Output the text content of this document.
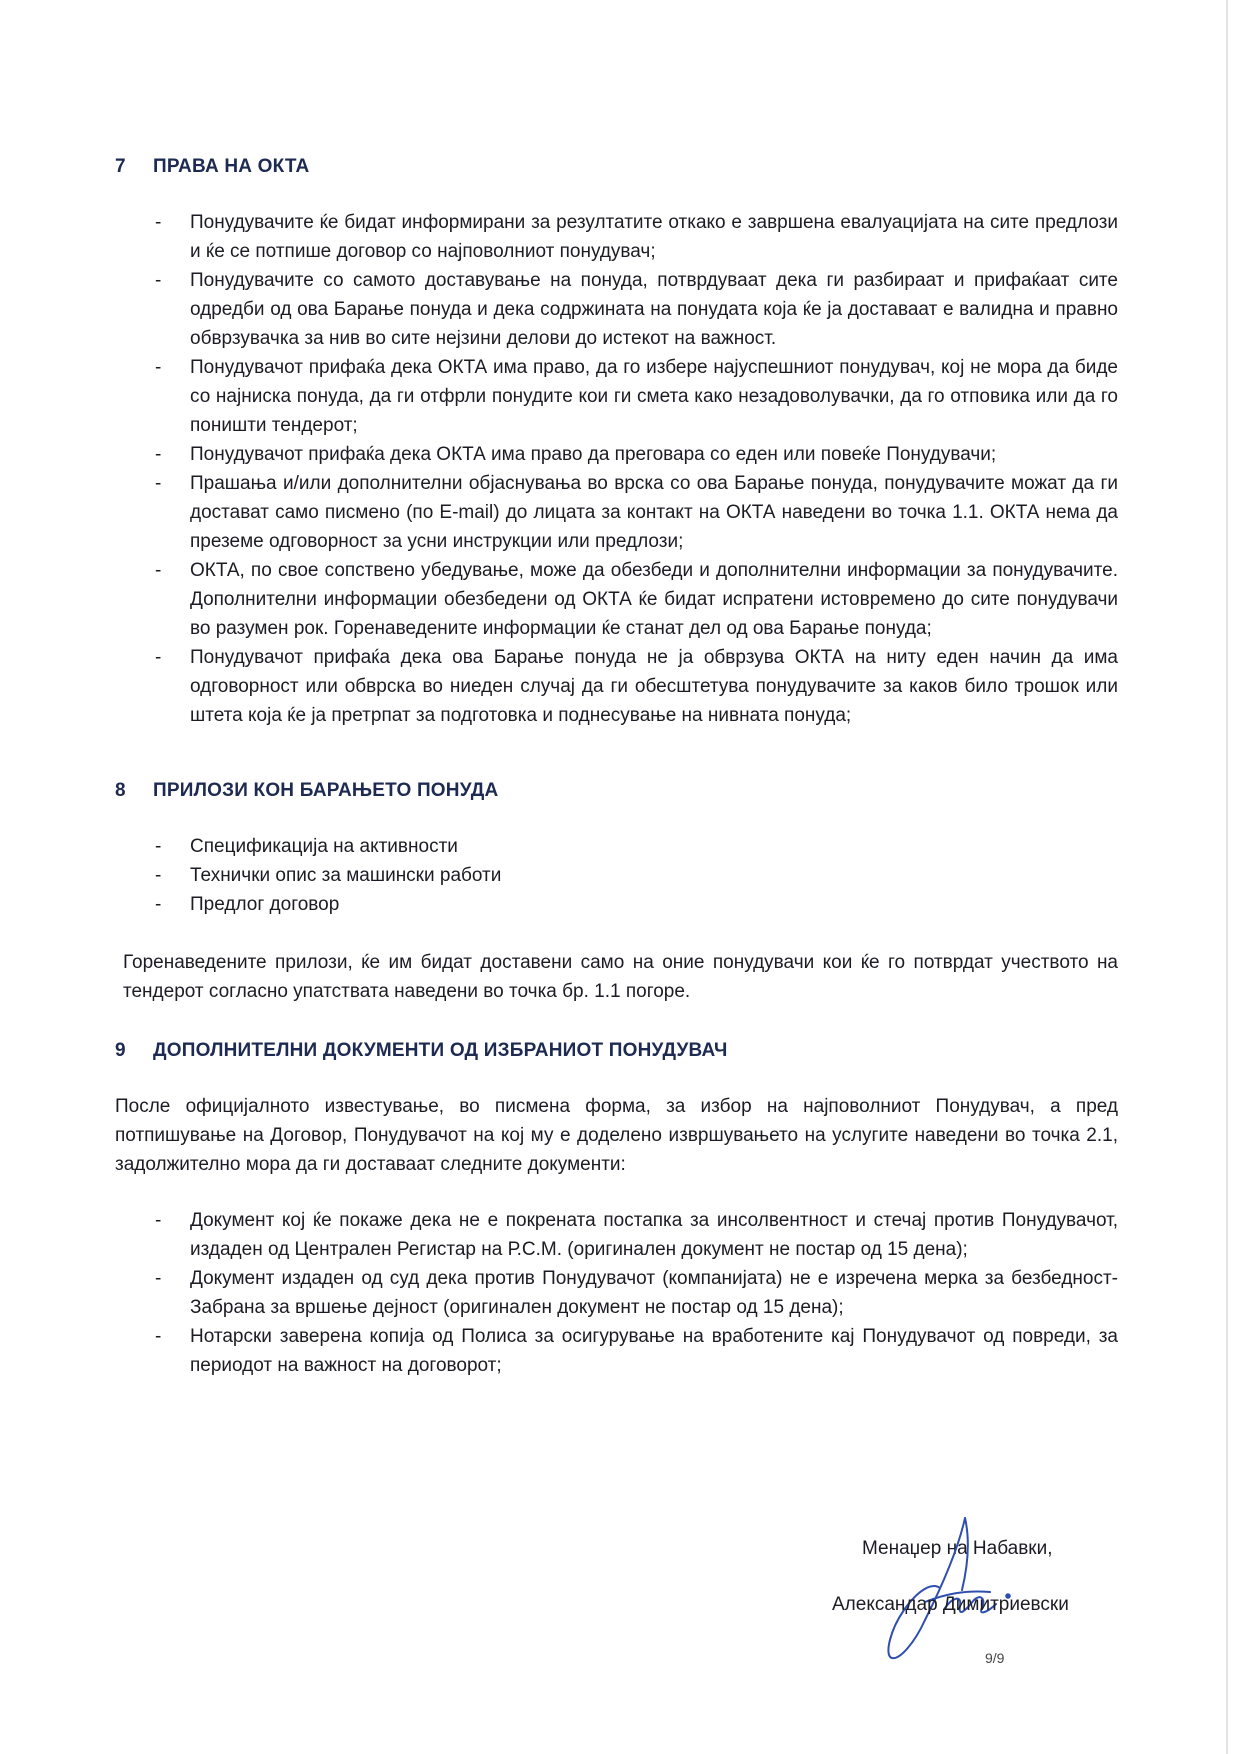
7 ПРАВА НА ОКТА
- Понудувачите ќе бидат информирани за резултатите откако е завршена евалуацијата на сите предлози и ќе се потпише договор со најповолниот понудувач;
- Понудувачите со самото доставување на понуда, потврдуваат дека ги разбираат и прифаќаат сите одредби од ова Барање понуда и дека содржината на понудата која ќе ја доставаат е валидна и правно обврзувачка за нив во сите нејзини делови до истекот на важност.
- Понудувачот прифаќа дека ОКТА има право, да го избере најуспешниот понудувач, кој не мора да биде со најниска понуда, да ги отфрли понудите кои ги смета како незадоволувачки, да го отповика или да го поништи тендерот;
- Понудувачот прифаќа дека ОКТА има право да преговара со еден или повеќе Понудувачи;
- Прашања и/или дополнителни објаснувања во врска со ова Барање понуда, понудувачите можат да ги достават само писмено (по E-mail) до лицата за контакт на ОКТА наведени во точка 1.1. ОКТА нема да преземе одговорност за усни инструкции или предлози;
- ОКТА, по свое сопствено убедување, може да обезбеди и дополнителни информации за понудувачите. Дополнителни информации обезбедени од ОКТА ќе бидат испратени истовремено до сите понудувачи во разумен рок. Горенаведените информации ќе станат дел од ова Барање понуда;
- Понудувачот прифаќа дека ова Барање понуда не ја обврзува ОКТА на ниту еден начин да има одговорност или обврска во ниеден случај да ги обесштетува понудувачите за каков било трошок или штета која ќе ја претрпат за подготовка и поднесување на нивната понуда;
8 ПРИЛОЗИ КОН БАРАЊЕТО ПОНУДА
- Спецификација на активности
- Технички опис за машински работи
- Предлог договор

Горенаведените прилози, ќе им бидат доставени само на оние понудувачи кои ќе го потврдат учеството на тендерот согласно упатствата наведени во точка бр. 1.1 погоре.

9 ДОПОЛНИТЕЛНИ ДОКУМЕНТИ ОД ИЗБРАНИОТ ПОНУДУВАЧ

После официјалното известување, во писмена форма, за избор на најповолниот Понудувач, а пред потпишување на Договор, Понудувачот на кој му е доделено извршувањето на услугите наведени во точка 2.1, задолжително мора да ги доставаат следните документи:

- Документ кој ќе покаже дека не е покрената постапка за инсолвентност и стечај против Понудувачот, издаден од Централен Регистар на Р.С.М. (оригинален документ не постар од 15 дена);
- Документ издаден од суд дека против Понудувачот (компанијата) не е изречена мерка за безбедност-Забрана за вршење дејност (оригинален документ не постар од 15 дена);
- Нотарски заверена копија од Полиса за осигурување на вработените кај Понудувачот од повреди, за периодот на важност на договорот;
Менаџер на Набавки,
Александар Димитриевски
9/9
